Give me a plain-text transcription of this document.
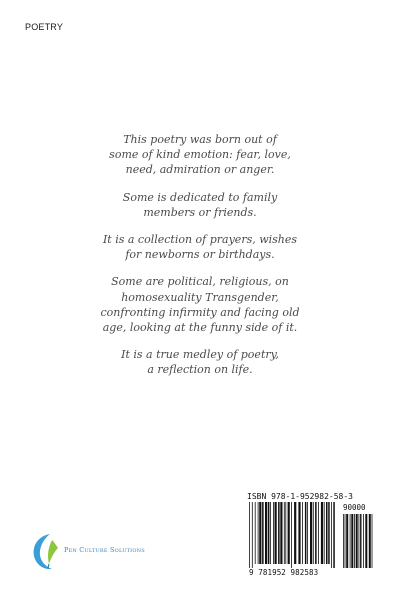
POETRY

This poetry was born out of
some of kind emotion: fear, love,
need, admiration or anger.

Some is dedicated to family
members or friends.

It is a collection of prayers, wishes
for newborns or birthdays.

Some are political, religious, on
homosexuality Transgender,
confronting infirmity and facing old
age, looking at the funny side of it.

It is a true medley of poetry,
a reflection on life.

Pen Culture Solutions
ISBN 978-1-952982-58-3
90000
9 781952 982583
